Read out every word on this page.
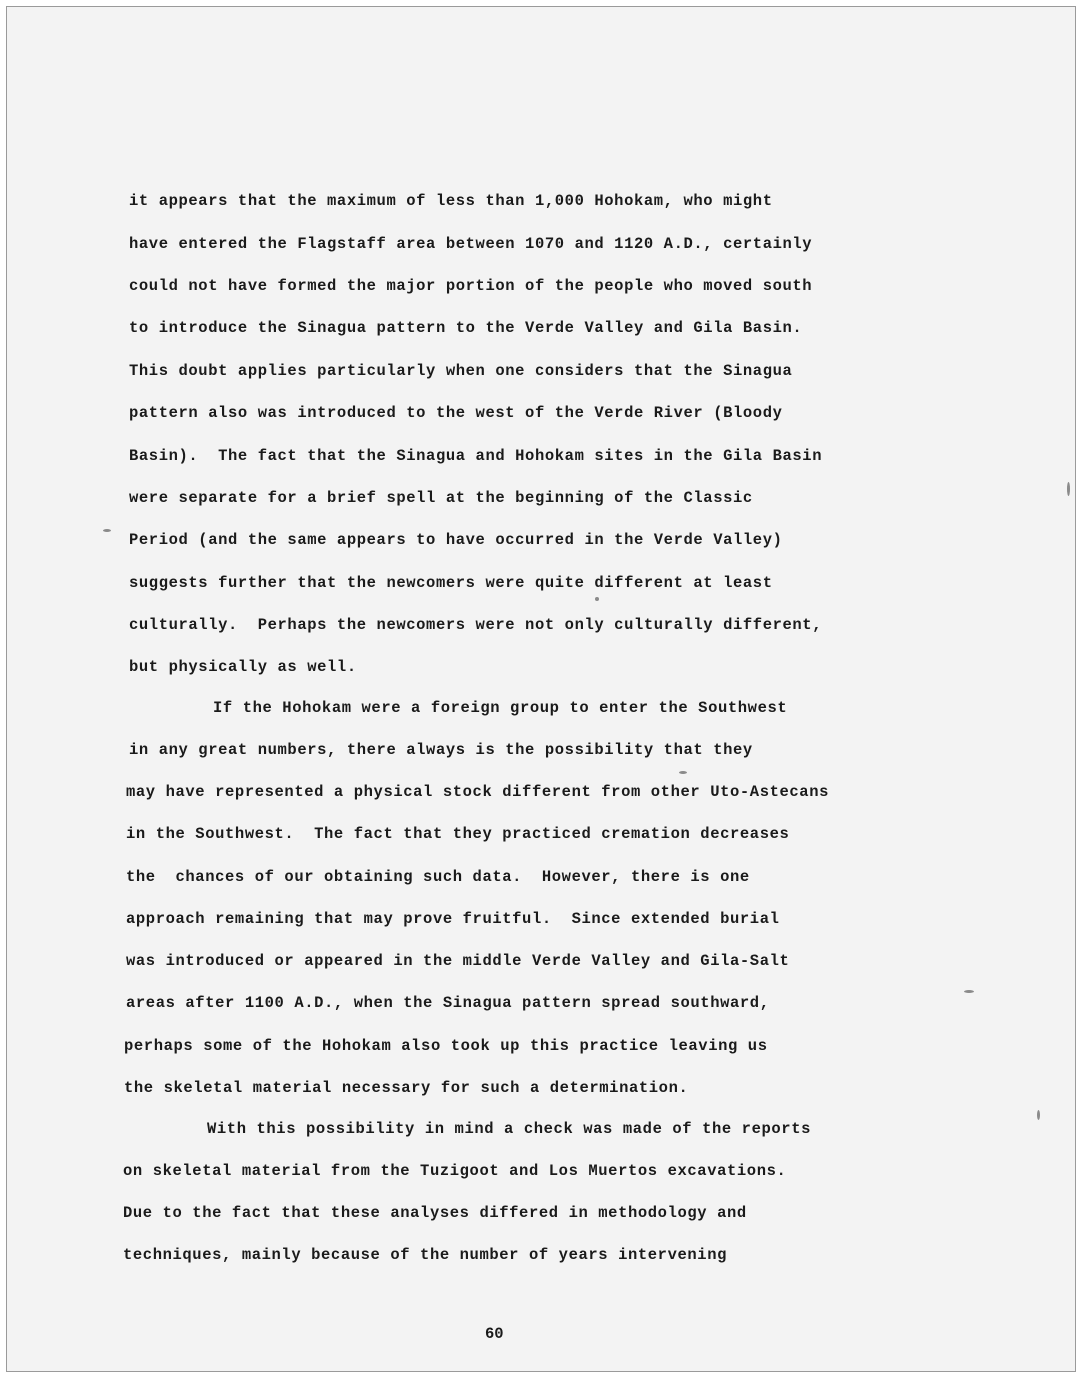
it appears that the maximum of less than 1,000 Hohokam, who might
have entered the Flagstaff area between 1070 and 1120 A.D., certainly
could not have formed the major portion of the people who moved south
to introduce the Sinagua pattern to the Verde Valley and Gila Basin.
This doubt applies particularly when one considers that the Sinagua
pattern also was introduced to the west of the Verde River (Bloody
Basin).  The fact that the Sinagua and Hohokam sites in the Gila Basin
were separate for a brief spell at the beginning of the Classic
Period (and the same appears to have occurred in the Verde Valley)
suggests further that the newcomers were quite different at least
culturally.  Perhaps the newcomers were not only culturally different,
but physically as well.
If the Hohokam were a foreign group to enter the Southwest
in any great numbers, there always is the possibility that they
may have represented a physical stock different from other Uto-Astecans
in the Southwest.  The fact that they practiced cremation decreases
the  chances of our obtaining such data.  However, there is one
approach remaining that may prove fruitful.  Since extended burial
was introduced or appeared in the middle Verde Valley and Gila-Salt
areas after 1100 A.D., when the Sinagua pattern spread southward,
perhaps some of the Hohokam also took up this practice leaving us
the skeletal material necessary for such a determination.
With this possibility in mind a check was made of the reports
on skeletal material from the Tuzigoot and Los Muertos excavations.
Due to the fact that these analyses differed in methodology and
techniques, mainly because of the number of years intervening
60
